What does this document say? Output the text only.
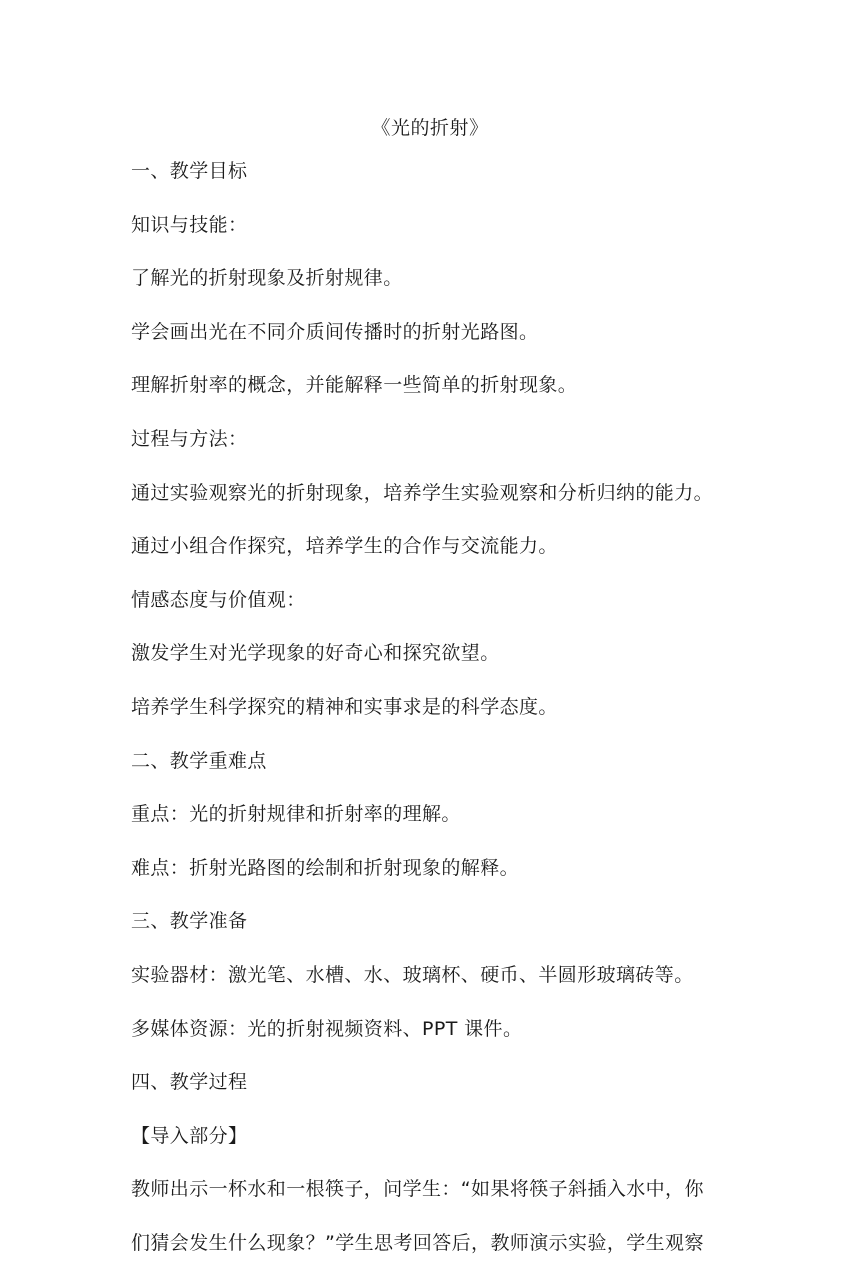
《光的折射》
一、教学目标
知识与技能：
了解光的折射现象及折射规律。
学会画出光在不同介质间传播时的折射光路图。
理解折射率的概念，并能解释一些简单的折射现象。
过程与方法：
通过实验观察光的折射现象，培养学生实验观察和分析归纳的能力。
通过小组合作探究，培养学生的合作与交流能力。
情感态度与价值观：
激发学生对光学现象的好奇心和探究欲望。
培养学生科学探究的精神和实事求是的科学态度。
二、教学重难点
重点：光的折射规律和折射率的理解。
难点：折射光路图的绘制和折射现象的解释。
三、教学准备
实验器材：激光笔、水槽、水、玻璃杯、硬币、半圆形玻璃砖等。
多媒体资源：光的折射视频资料、PPT 课件。
四、教学过程
【导入部分】
教师出示一杯水和一根筷子，问学生：“如果将筷子斜插入水中，你
们猜会发生什么现象？”学生思考回答后，教师演示实验，学生观察
